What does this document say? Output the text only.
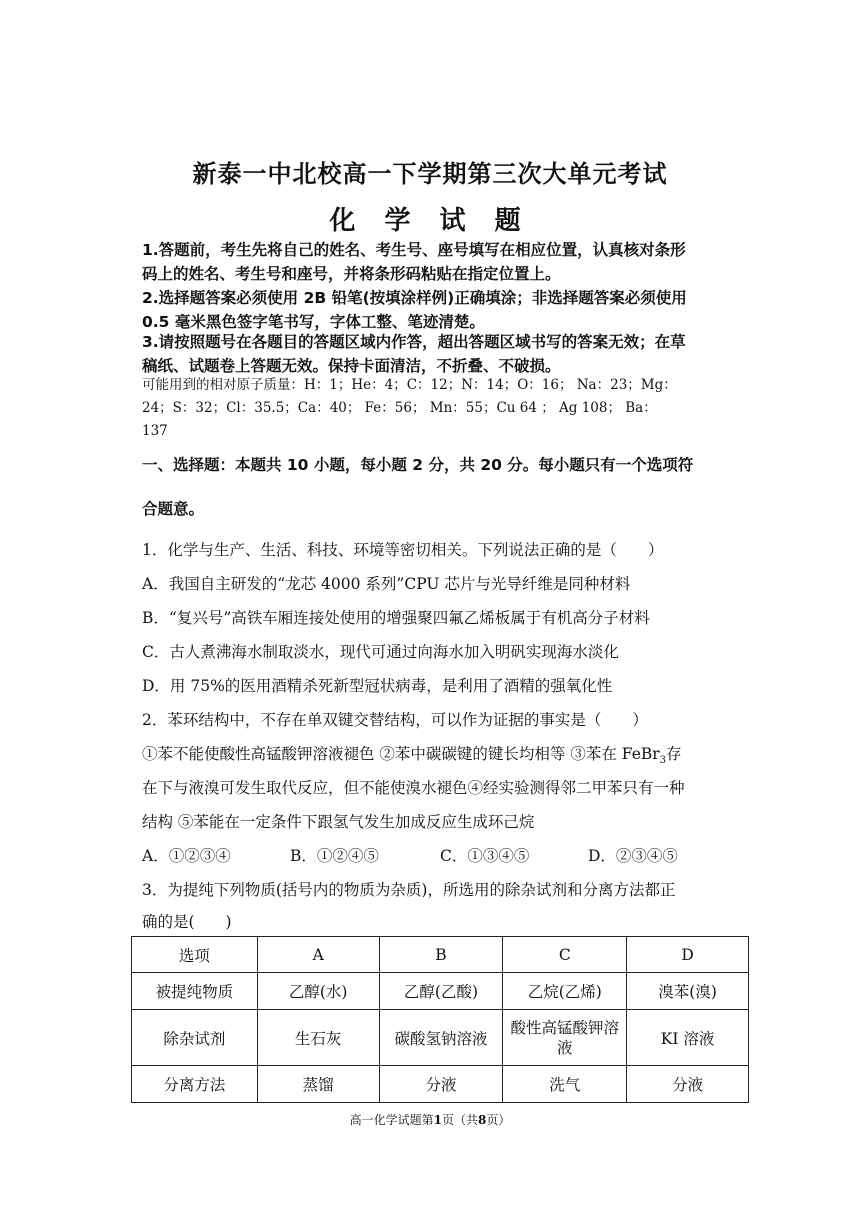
新泰一中北校高一下学期第三次大单元考试
化 学 试 题
1.答题前，考生先将自己的姓名、考生号、座号填写在相应位置，认真核对条形
码上的姓名、考生号和座号，并将条形码粘贴在指定位置上。
2.选择题答案必须使用 2B 铅笔(按填涂样例)正确填涂；非选择题答案必须使用
0.5 毫米黑色签字笔书写，字体工整、笔迹清楚。
3.请按照题号在各题目的答题区域内作答，超出答题区域书写的答案无效；在草
稿纸、试题卷上答题无效。保持卡面清洁，不折叠、不破损。
可能用到的相对原子质量：H：1；He：4；C：12；N：14；O：16； Na：23；Mg：
24；S：32；Cl：35.5；Ca：40； Fe：56； Mn：55；Cu 64 ； Ag 108； Ba：
137
一、选择题：本题共 10 小题，每小题 2 分，共 20 分。每小题只有一个选项符
合题意。
1．化学与生产、生活、科技、环境等密切相关。下列说法正确的是（　　）
A．我国自主研发的“龙芯 4000 系列”CPU 芯片与光导纤维是同种材料
B．“复兴号”高铁车厢连接处使用的增强聚四氟乙烯板属于有机高分子材料
C．古人煮沸海水制取淡水，现代可通过向海水加入明矾实现海水淡化
D．用 75%的医用酒精杀死新型冠状病毒，是利用了酒精的强氧化性
2．苯环结构中，不存在单双键交替结构，可以作为证据的事实是（　　）
①苯不能使酸性高锰酸钾溶液褪色 ②苯中碳碳键的键长均相等 ③苯在 FeBr$_3$存
在下与液溴可发生取代反应，但不能使溴水褪色④经实验测得邻二甲苯只有一种
结构 ⑤苯能在一定条件下跟氢气发生加成反应生成环己烷
A．①②③④	B．①②④⑤	C．①③④⑤	D．②③④⑤
3．为提纯下列物质(括号内的物质为杂质)，所选用的除杂试剂和分离方法都正
确的是(　　)
选项	A	B	C	D
被提纯物质	乙醇(水)	乙醇(乙酸)	乙烷(乙烯)	溴苯(溴)
除杂试剂	生石灰	碳酸氢钠溶液	酸性高锰酸钾溶液	KI 溶液
分离方法	蒸馏	分液	洗气	分液
高一化学试题第1页（共8页）
